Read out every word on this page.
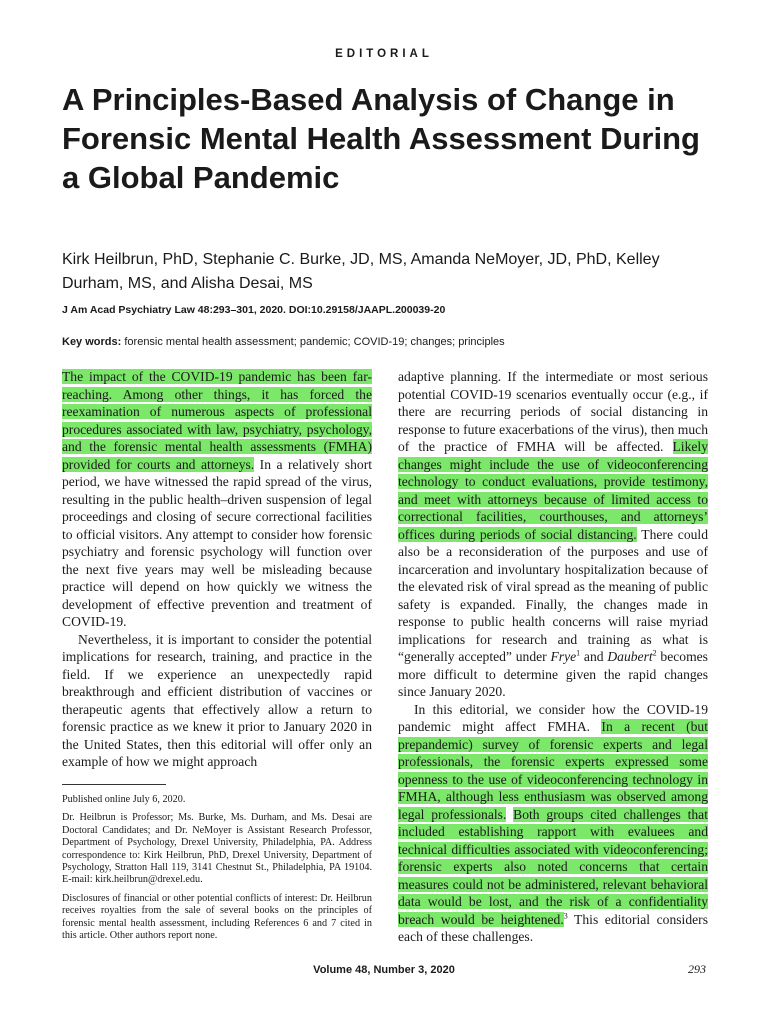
EDITORIAL
A Principles-Based Analysis of Change in Forensic Mental Health Assessment During a Global Pandemic
Kirk Heilbrun, PhD, Stephanie C. Burke, JD, MS, Amanda NeMoyer, JD, PhD, Kelley Durham, MS, and Alisha Desai, MS
J Am Acad Psychiatry Law 48:293–301, 2020. DOI:10.29158/JAAPL.200039-20
Key words: forensic mental health assessment; pandemic; COVID-19; changes; principles

The impact of the COVID-19 pandemic has been far-reaching. Among other things, it has forced the reexamination of numerous aspects of professional procedures associated with law, psychiatry, psychology, and the forensic mental health assessments (FMHA) provided for courts and attorneys. In a relatively short period, we have witnessed the rapid spread of the virus, resulting in the public health–driven suspension of legal proceedings and closing of secure correctional facilities to official visitors. Any attempt to consider how forensic psychiatry and forensic psychology will function over the next five years may well be misleading because practice will depend on how quickly we witness the development of effective prevention and treatment of COVID-19.

Nevertheless, it is important to consider the potential implications for research, training, and practice in the field. If we experience an unexpectedly rapid breakthrough and efficient distribution of vaccines or therapeutic agents that effectively allow a return to forensic practice as we knew it prior to January 2020 in the United States, then this editorial will offer only an example of how we might approach

Published online July 6, 2020.

Dr. Heilbrun is Professor; Ms. Burke, Ms. Durham, and Ms. Desai are Doctoral Candidates; and Dr. NeMoyer is Assistant Research Professor, Department of Psychology, Drexel University, Philadelphia, PA. Address correspondence to: Kirk Heilbrun, PhD, Drexel University, Department of Psychology, Stratton Hall 119, 3141 Chestnut St., Philadelphia, PA 19104. E-mail: kirk.heilbrun@drexel.edu.

Disclosures of financial or other potential conflicts of interest: Dr. Heilbrun receives royalties from the sale of several books on the principles of forensic mental health assessment, including References 6 and 7 cited in this article. Other authors report none.

adaptive planning. If the intermediate or most serious potential COVID-19 scenarios eventually occur (e.g., if there are recurring periods of social distancing in response to future exacerbations of the virus), then much of the practice of FMHA will be affected. Likely changes might include the use of videoconferencing technology to conduct evaluations, provide testimony, and meet with attorneys because of limited access to correctional facilities, courthouses, and attorneys’ offices during periods of social distancing. There could also be a reconsideration of the purposes and use of incarceration and involuntary hospitalization because of the elevated risk of viral spread as the meaning of public safety is expanded. Finally, the changes made in response to public health concerns will raise myriad implications for research and training as what is “generally accepted” under Frye$^1$ and Daubert$^2$ becomes more difficult to determine given the rapid changes since January 2020.

In this editorial, we consider how the COVID-19 pandemic might affect FMHA. In a recent (but prepandemic) survey of forensic experts and legal professionals, the forensic experts expressed some openness to the use of videoconferencing technology in FMHA, although less enthusiasm was observed among legal professionals. Both groups cited challenges that included establishing rapport with evaluees and technical difficulties associated with videoconferencing; forensic experts also noted concerns that certain measures could not be administered, relevant behavioral data would be lost, and the risk of a confidentiality breach would be heightened.$^3$ This editorial considers each of these challenges.

Volume 48, Number 3, 2020	293
